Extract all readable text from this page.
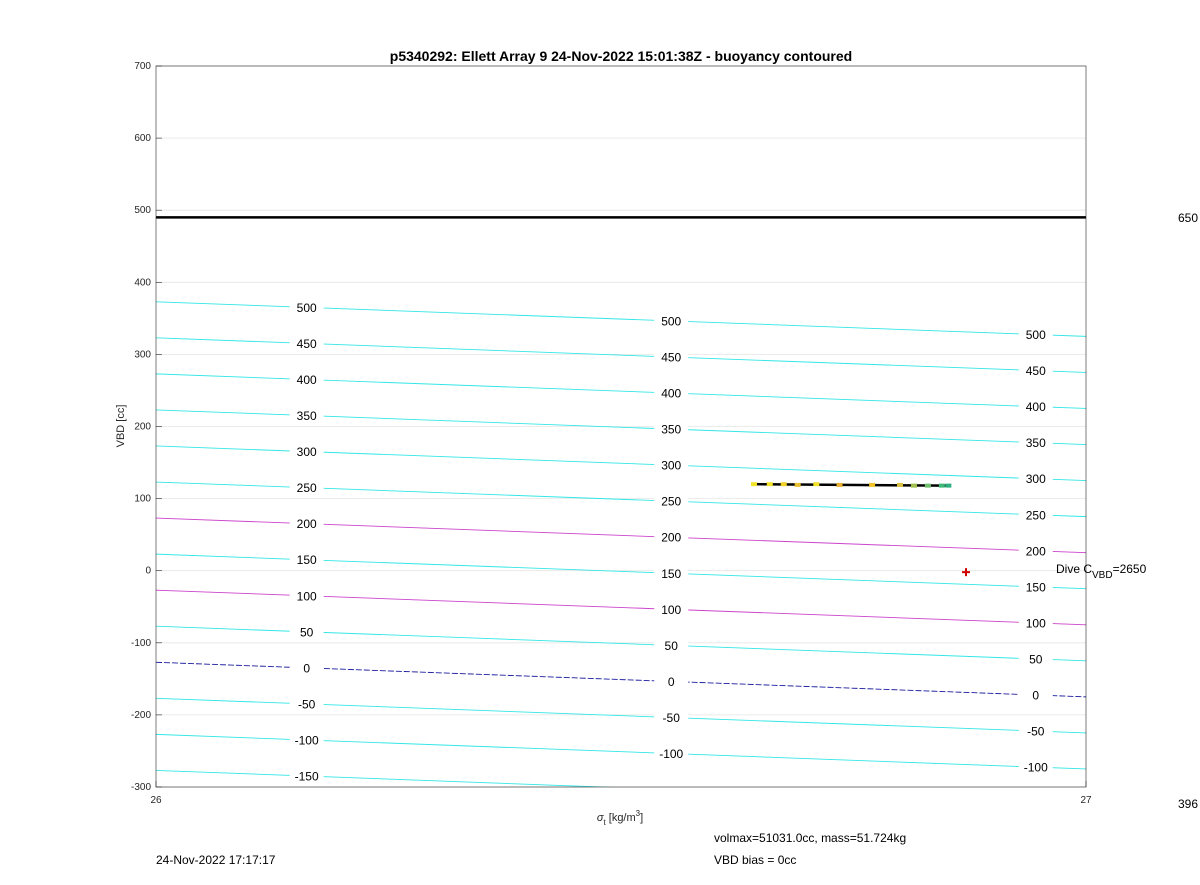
500
500
500
450
450
450
400
400
400
350
350
350
300
300
300
250
250
250
200
200
200
150
150
150
100
100
100
50
50
50
0
0
0
-50
-50
-50
-100
-100
-100
-150
-300
-200
-100
0
100
200
300
400
500
600
700
26	27
p5340292: Ellett Array 9 24-Nov-2022 15:01:38Z - buoyancy contoured
VBD [cc]
$\sigma_t$ $[kg/m^3]$
Dive $C_{VBD}=2650$
650
396
volmax=51031.0cc, mass=51.724kg
VBD bias = 0cc
24-Nov-2022 17:17:17
